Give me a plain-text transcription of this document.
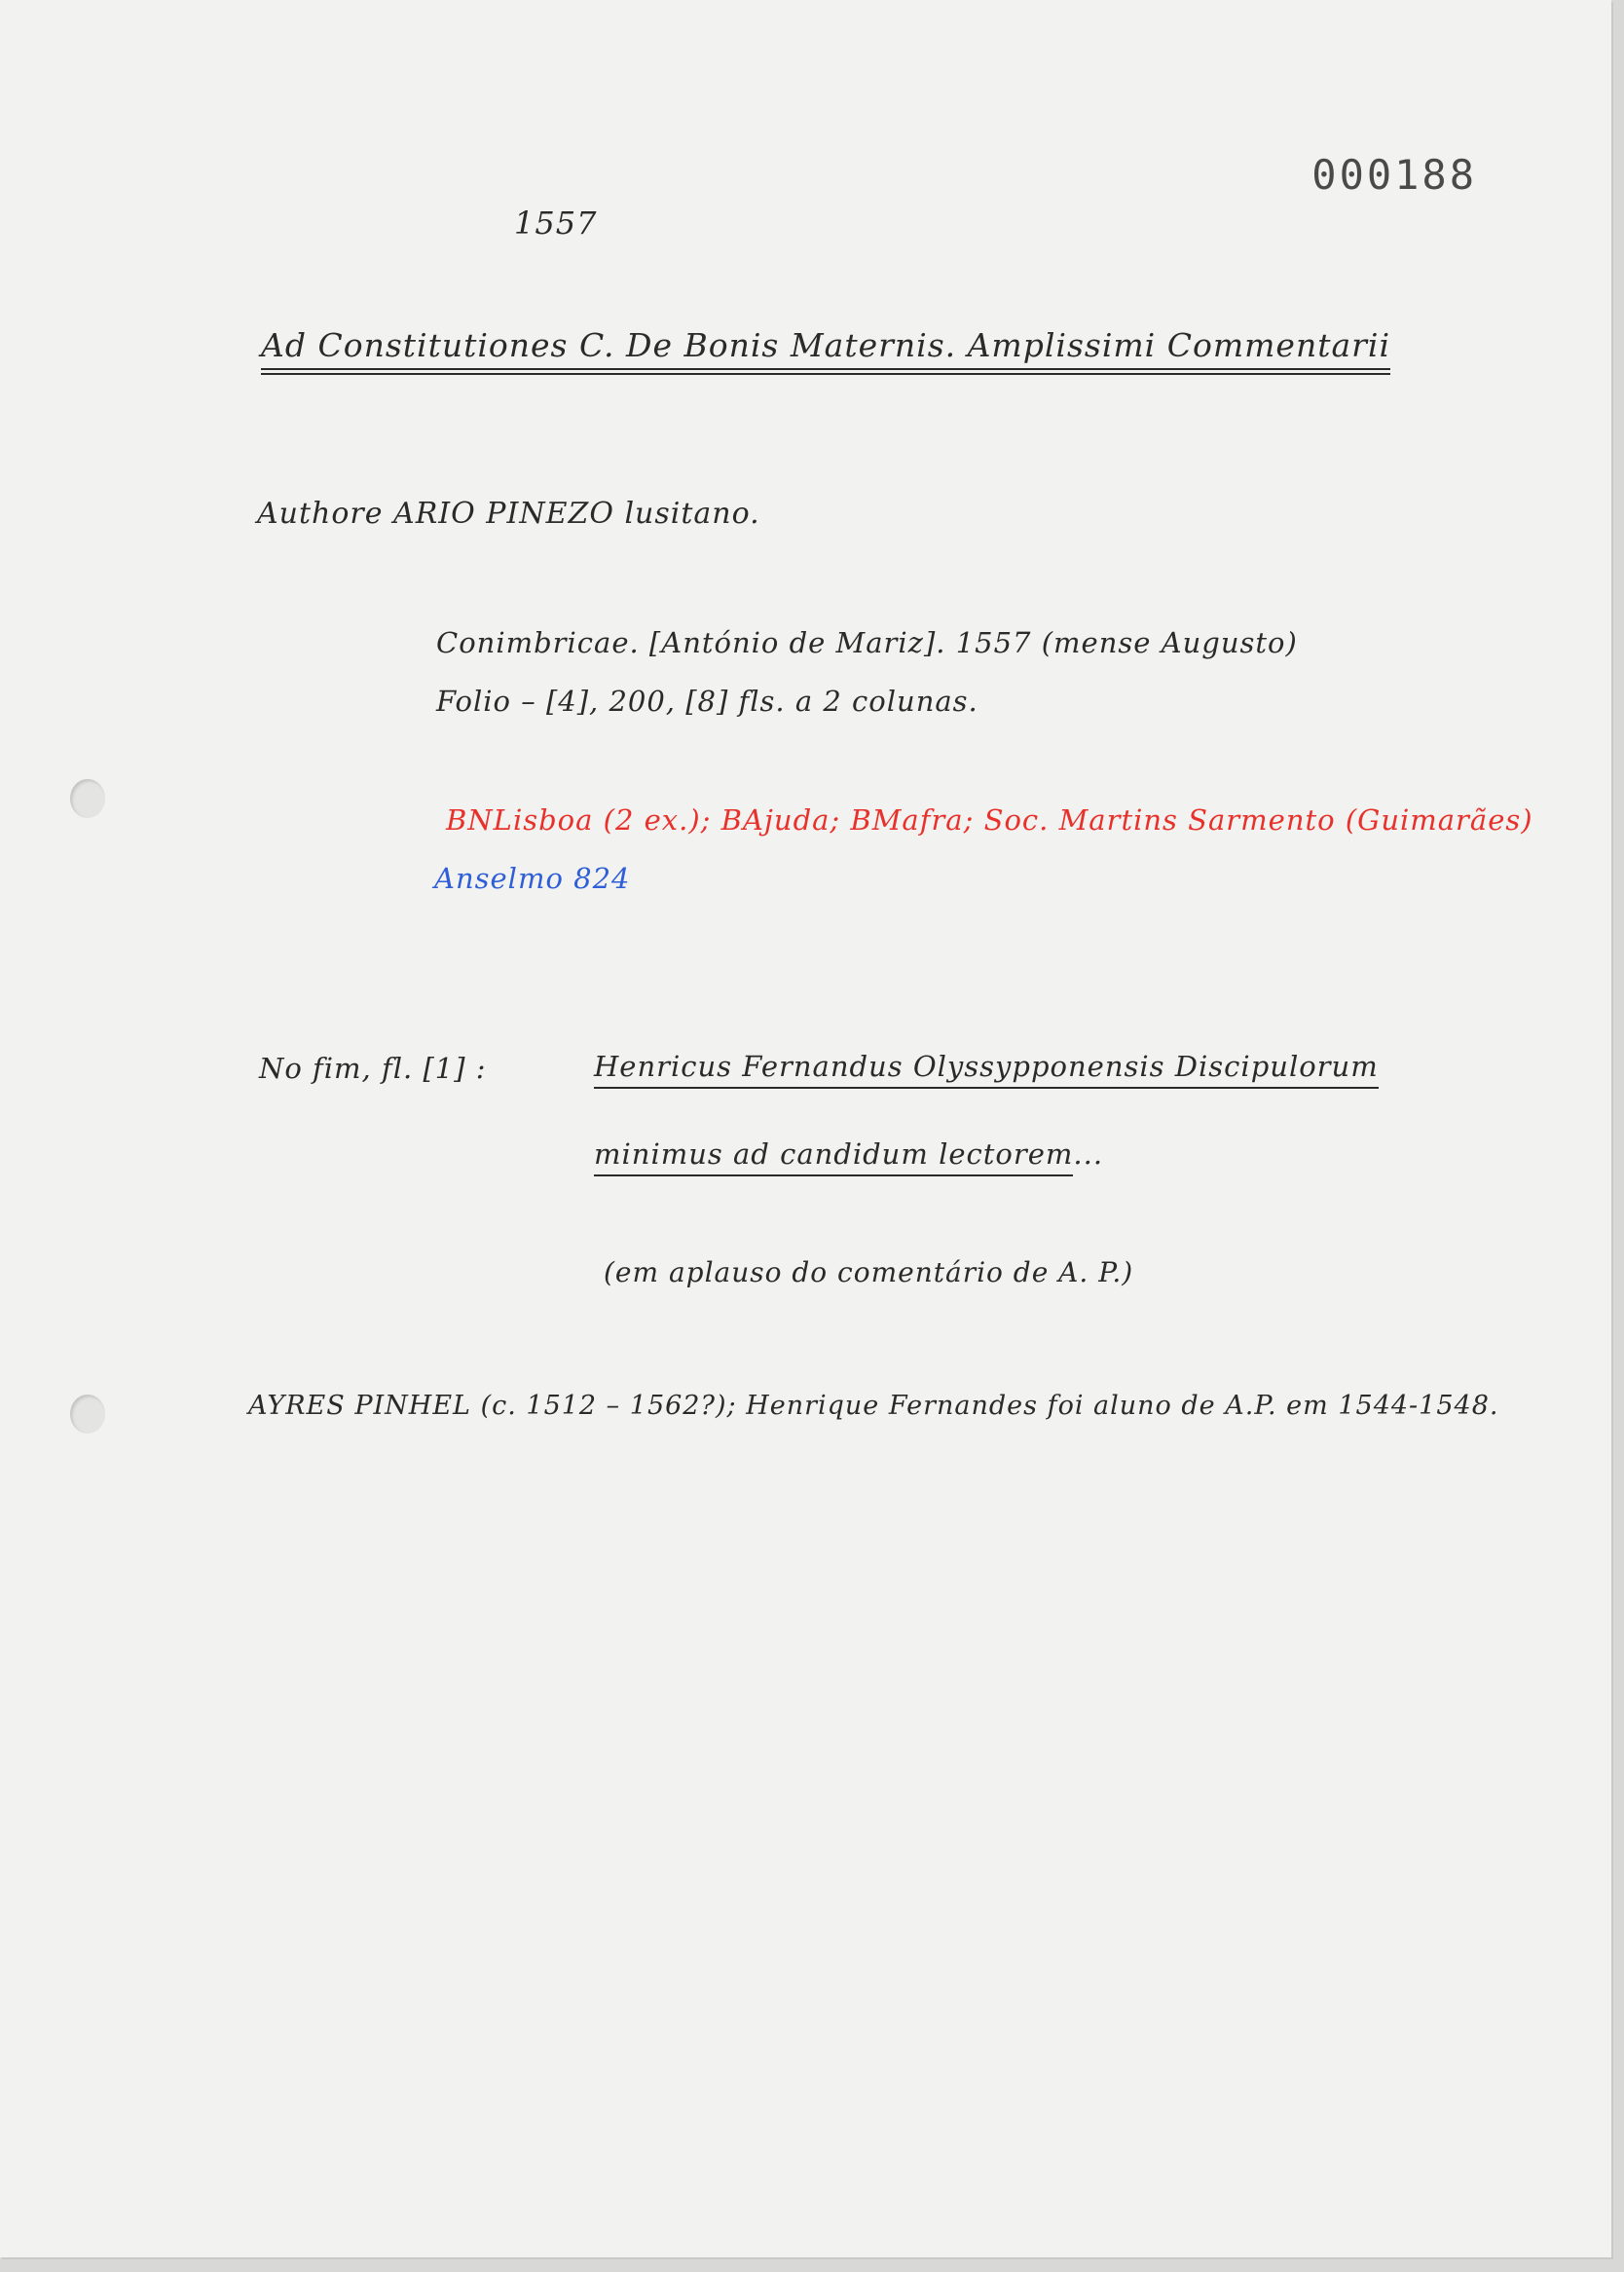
000188
1557
Ad Constitutiones C. De Bonis Maternis. Amplissimi Commentarii
Authore ARIO PINEZO lusitano.
Conimbricae. [António de Mariz]. 1557 (mense Augusto)
Folio – [4], 200, [8] fls. a 2 colunas.
BNLisboa (2 ex.); BAjuda; BMafra; Soc. Martins Sarmento (Guimarães)
Anselmo 824
No fim, fl. [1] :	Henricus Fernandus Olyssypponensis Discipulorum
minimus ad candidum lectorem...
(em aplauso do comentário de A. P.)
AYRES PINHEL (c. 1512 – 1562?); Henrique Fernandes foi aluno de A.P. em 1544-1548.
